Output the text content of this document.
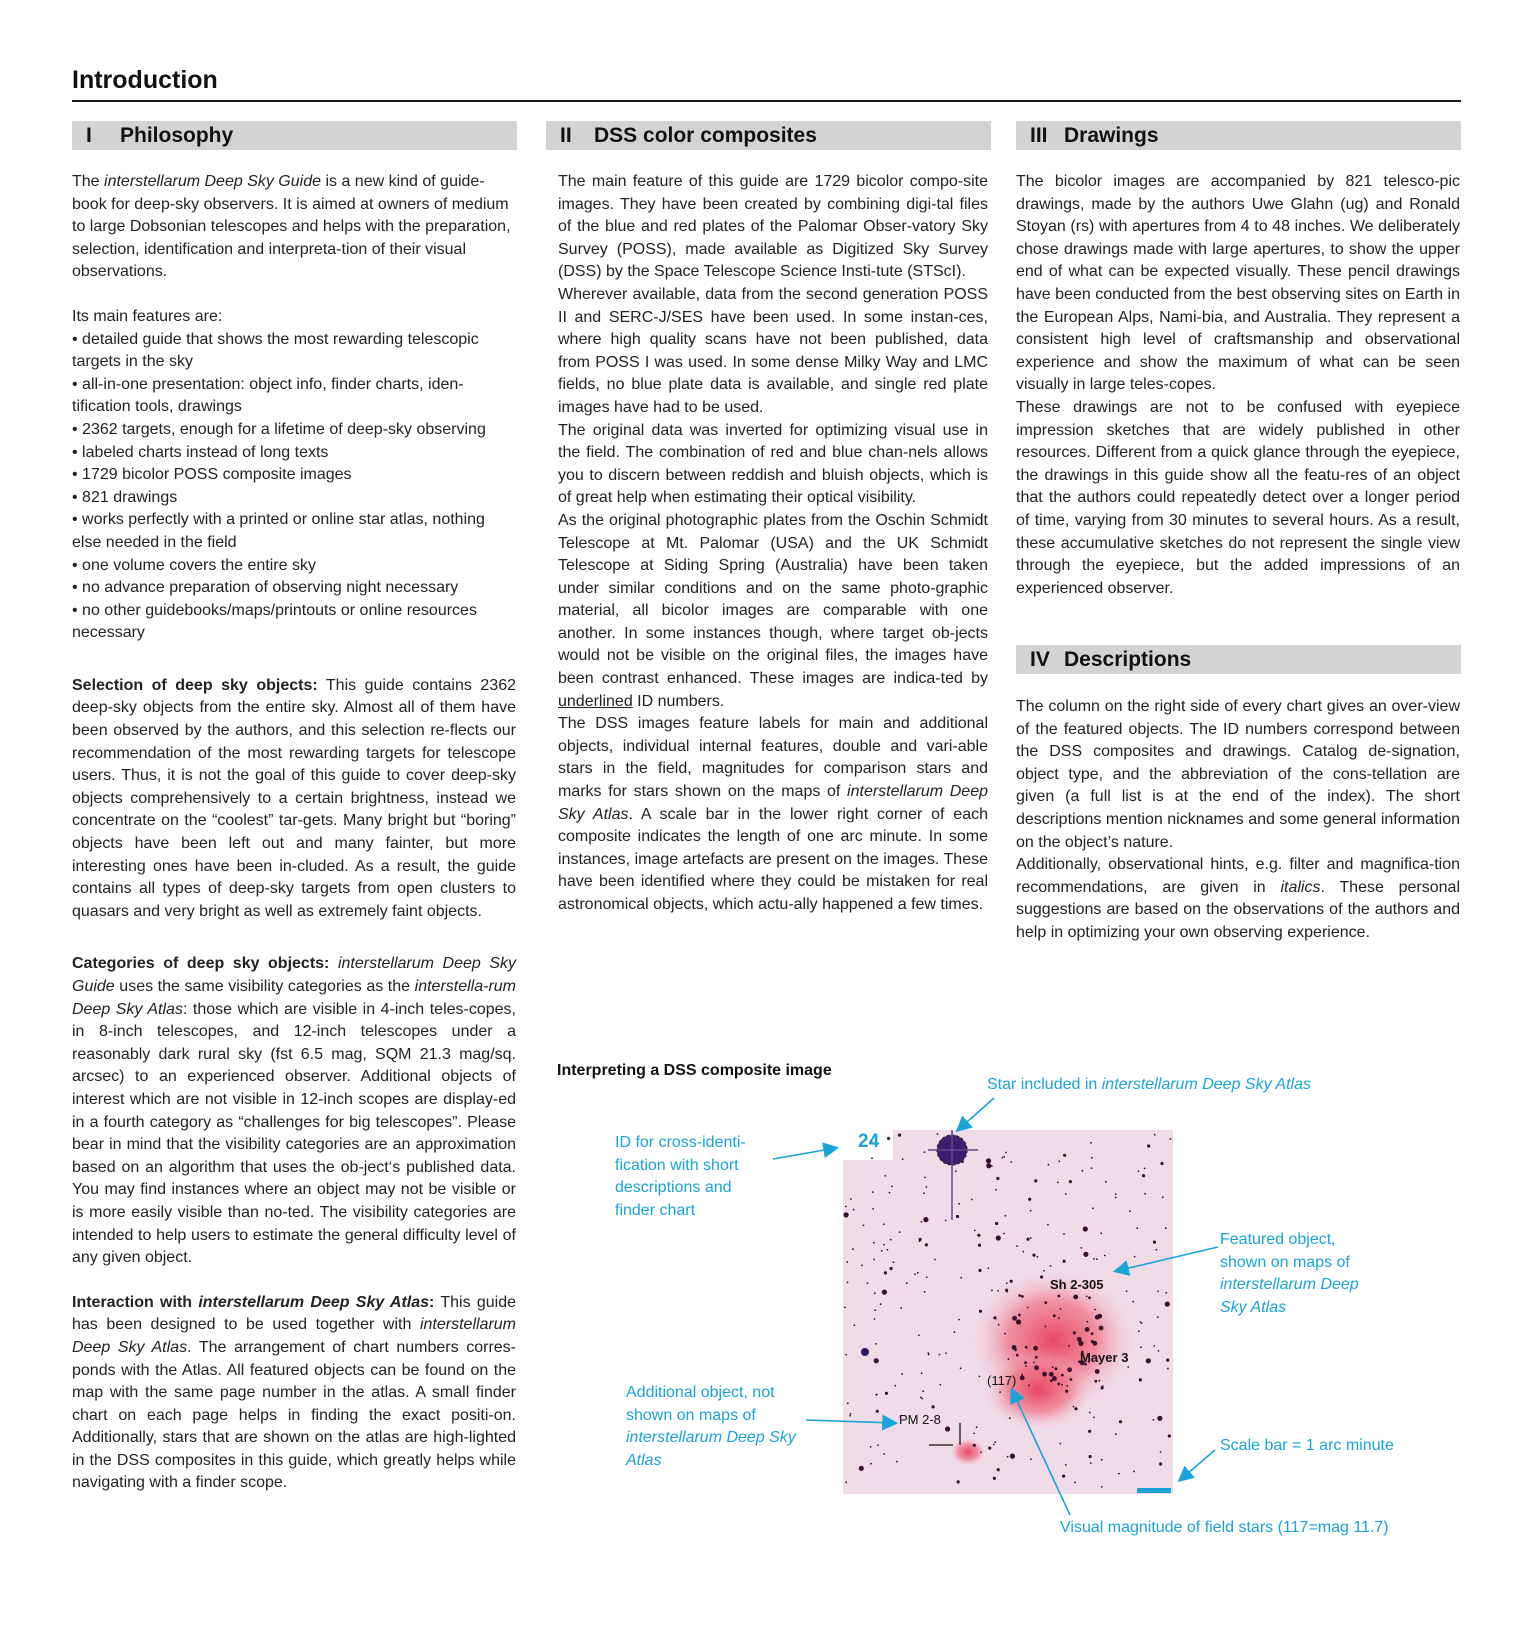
Introduction
I Philosophy	II DSS color composites	III Drawings
IV Descriptions

The interstellarum Deep Sky Guide is a new kind of guide-book for deep-sky observers. It is aimed at owners of medium to large Dobsonian telescopes and helps with the preparation, selection, identification and interpreta-tion of their visual observations.

Its main features are:

• detailed guide that shows the most rewarding telescopic targets in the sky
• all-in-one presentation: object info, finder charts, iden-tification tools, drawings
• 2362 targets, enough for a lifetime of deep-sky observing
• labeled charts instead of long texts
• 1729 bicolor POSS composite images
• 821 drawings
• works perfectly with a printed or online star atlas, nothing else needed in the field
• one volume covers the entire sky
• no advance preparation of observing night necessary
• no other guidebooks/maps/printouts or online resources necessary

Selection of deep sky objects: This guide contains 2362 deep-sky objects from the entire sky. Almost all of them have been observed by the authors, and this selection re-flects our recommendation of the most rewarding targets for telescope users. Thus, it is not the goal of this guide to cover deep-sky objects comprehensively to a certain brightness, instead we concentrate on the “coolest” tar-gets. Many bright but “boring” objects have been left out and many fainter, but more interesting ones have been in-cluded. As a result, the guide contains all types of deep-sky targets from open clusters to quasars and very bright as well as extremely faint objects.

Categories of deep sky objects: interstellarum Deep Sky Guide uses the same visibility categories as the interstella-rum Deep Sky Atlas: those which are visible in 4-inch teles-copes, in 8-inch telescopes, and 12-inch telescopes under a reasonably dark rural sky (fst 6.5 mag, SQM 21.3 mag/sq. arcsec) to an experienced observer. Additional objects of interest which are not visible in 12-inch scopes are display-ed in a fourth category as “challenges for big telescopes”. Please bear in mind that the visibility categories are an approximation based on an algorithm that uses the ob-ject‘s published data. You may find instances where an object may not be visible or is more easily visible than no-ted. The visibility categories are intended to help users to estimate the general difficulty level of any given object.

Interaction with interstellarum Deep Sky Atlas: This guide has been designed to be used together with interstellarum Deep Sky Atlas. The arrangement of chart numbers corres-ponds with the Atlas. All featured objects can be found on the map with the same page number in the atlas. A small finder chart on each page helps in finding the exact positi-on. Additionally, stars that are shown on the atlas are high-lighted in the DSS composites in this guide, which greatly helps while navigating with a finder scope.

The main feature of this guide are 1729 bicolor compo-site images. They have been created by combining digi-tal files of the blue and red plates of the Palomar Obser-vatory Sky Survey (POSS), made available as Digitized Sky Survey (DSS) by the Space Telescope Science Insti-tute (STScI).

Wherever available, data from the second generation POSS II and SERC-J/SES have been used. In some instan-ces, where high quality scans have not been published, data from POSS I was used. In some dense Milky Way and LMC fields, no blue plate data is available, and single red plate images have had to be used.

The original data was inverted for optimizing visual use in the field. The combination of red and blue chan-nels allows you to discern between reddish and bluish objects, which is of great help when estimating their optical visibility.

As the original photographic plates from the Oschin Schmidt Telescope at Mt. Palomar (USA) and the UK Schmidt Telescope at Siding Spring (Australia) have been taken under similar conditions and on the same photo-graphic material, all bicolor images are comparable with one another. In some instances though, where target ob-jects would not be visible on the original files, the images have been contrast enhanced. These images are indica-ted by underlined ID numbers.

The DSS images feature labels for main and additional objects, individual internal features, double and vari-able stars in the field, magnitudes for comparison stars and marks for stars shown on the maps of interstellarum Deep Sky Atlas. A scale bar in the lower right corner of each composite indicates the length of one arc minute. In some instances, image artefacts are present on the images. These have been identified where they could be mistaken for real astronomical objects, which actu-ally happened a few times.

The bicolor images are accompanied by 821 telesco-pic drawings, made by the authors Uwe Glahn (ug) and Ronald Stoyan (rs) with apertures from 4 to 48 inches. We deliberately chose drawings made with large apertures, to show the upper end of what can be expected visually. These pencil drawings have been conducted from the best observing sites on Earth in the European Alps, Nami-bia, and Australia. They represent a consistent high level of craftsmanship and observational experience and show the maximum of what can be seen visually in large teles-copes.

These drawings are not to be confused with eyepiece impression sketches that are widely published in other resources. Different from a quick glance through the eyepiece, the drawings in this guide show all the featu-res of an object that the authors could repeatedly detect over a longer period of time, varying from 30 minutes to several hours. As a result, these accumulative sketches do not represent the single view through the eyepiece, but the added impressions of an experienced observer.

The column on the right side of every chart gives an over-view of the featured objects. The ID numbers correspond between the DSS composites and drawings. Catalog de-signation, object type, and the abbreviation of the cons-tellation are given (a full list is at the end of the index). The short descriptions mention nicknames and some general information on the object’s nature.

Additionally, observational hints, e.g. filter and magnifica-tion recommendations, are given in italics. These personal suggestions are based on the observations of the authors and help in optimizing your own observing experience.

Interpreting a DSS composite image
24
Sh 2-305
Mayer 3
(117)
PM 2-8
Star included in interstellarum Deep Sky Atlas
ID for cross-identi-fication with short descriptions and finder chart
Featured object, shown on maps of interstellarum Deep Sky Atlas
Additional object, not shown on maps of interstellarum Deep Sky Atlas
Scale bar = 1 arc minute
Visual magnitude of field stars (117=mag 11.7)
